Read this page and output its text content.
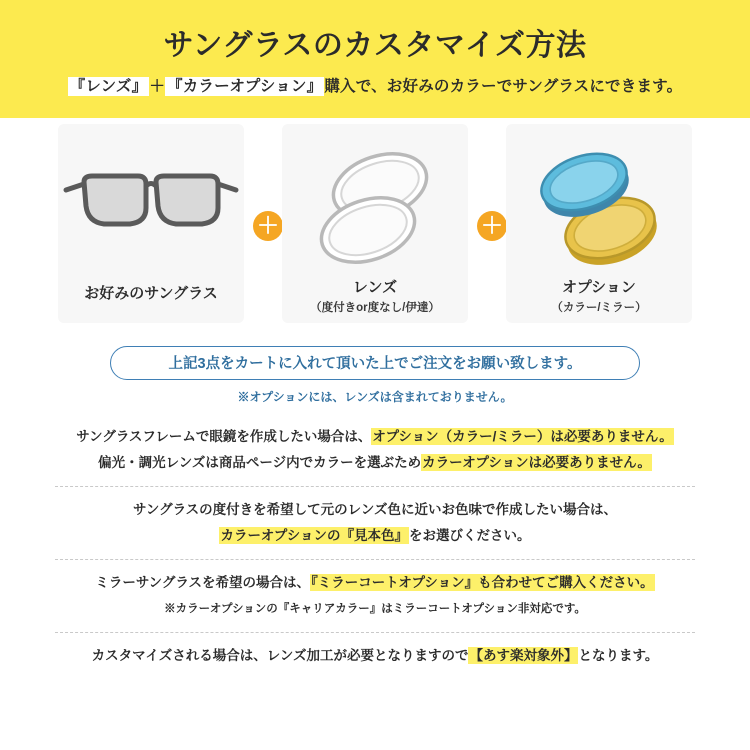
サングラスのカスタマイズ方法
『レンズ』 ＋ 『カラーオプション』 購入で、お好みのカラーでサングラスにできます。
お好みのサングラス
＋
レンズ
（度付きor度なし/伊達）
＋
オプション
（カラー/ミラー）
上記3点をカートに入れて頂いた上でご注文をお願い致します。
※オプションには、レンズは含まれておりません。
サングラスフレームで眼鏡を作成したい場合は、オプション（カラー/ミラー）は必要ありません。
偏光・調光レンズは商品ページ内でカラーを選ぶためカラーオプションは必要ありません。
サングラスの度付きを希望して元のレンズ色に近いお色味で作成したい場合は、
カラーオプションの『見本色』をお選びください。
ミラーサングラスを希望の場合は、『ミラーコートオプション』も合わせてご購入ください。
※カラーオプションの『キャリアカラー』はミラーコートオプション非対応です。
カスタマイズされる場合は、レンズ加工が必要となりますので【あす楽対象外】となります。
